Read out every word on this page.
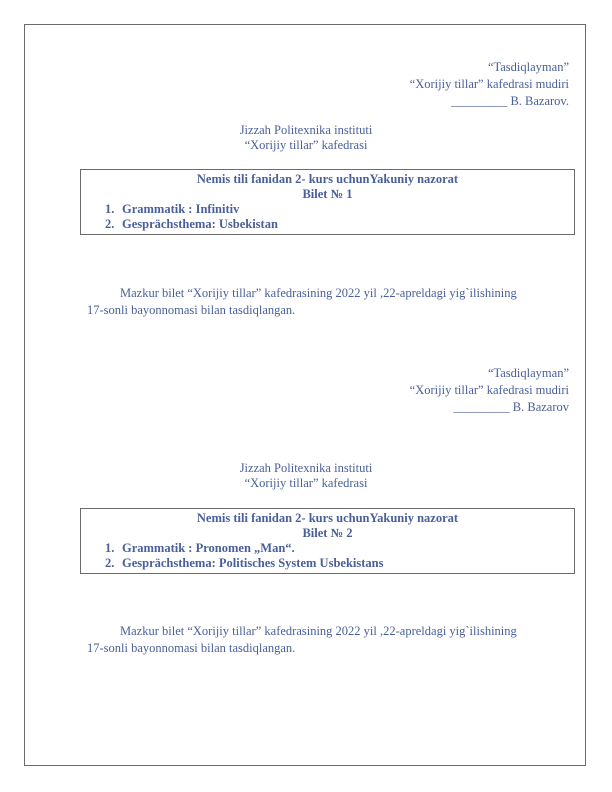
“Tasdiqlayman”
“Xorijiy tillar” kafedrasi mudiri
_________ B. Bazarov.
Jizzah Politexnika instituti
“Xorijiy tillar” kafedrasi
Nemis tili fanidan 2- kurs uchunYakuniy nazorat
Bilet № 1
1. Grammatik : Infinitiv
2. Gesprächsthema: Usbekistan
Mazkur bilet “Xorijiy tillar” kafedrasining 2022 yil ,22-apreldagi yig`ilishining
17-sonli bayonnomasi bilan tasdiqlangan.
“Tasdiqlayman”
“Xorijiy tillar” kafedrasi mudiri
_________ B. Bazarov
Jizzah Politexnika instituti
“Xorijiy tillar” kafedrasi
Nemis tili fanidan 2- kurs uchunYakuniy nazorat
Bilet № 2
1. Grammatik : Pronomen „Man“.
2. Gesprächsthema: Politisches System Usbekistans
Mazkur bilet “Xorijiy tillar” kafedrasining 2022 yil ,22-apreldagi yig`ilishining
17-sonli bayonnomasi bilan tasdiqlangan.
